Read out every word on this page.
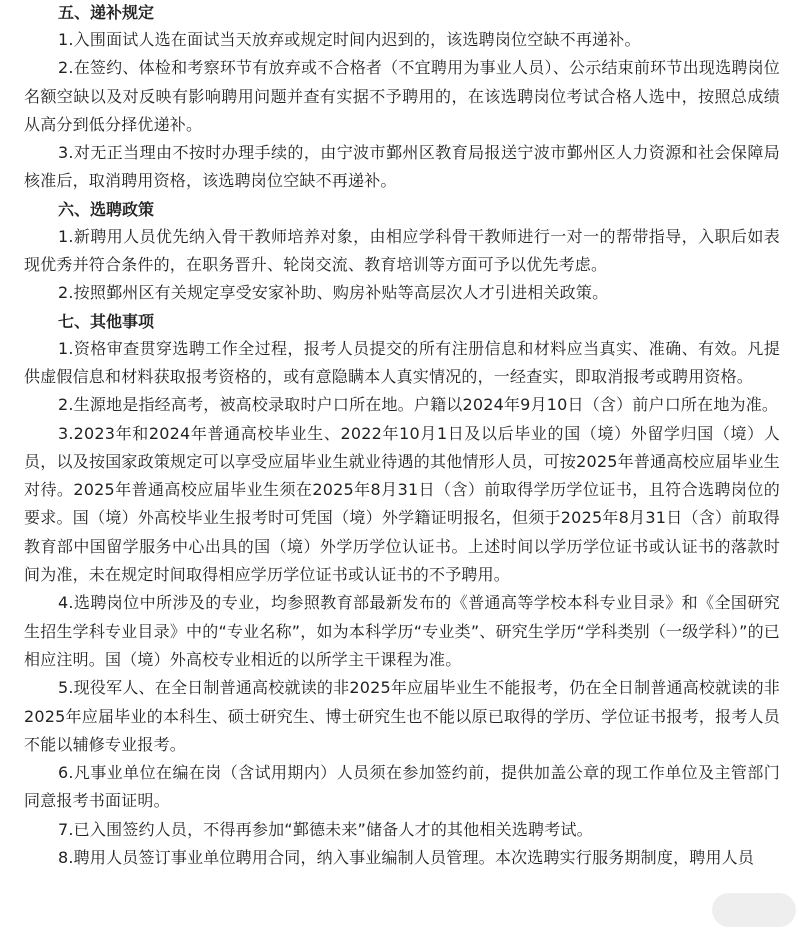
五、递补规定

1.入围面试人选在面试当天放弃或规定时间内迟到的，该选聘岗位空缺不再递补。

2.在签约、体检和考察环节有放弃或不合格者（不宜聘用为事业人员）、公示结束前环节出现选聘岗位名额空缺以及对反映有影响聘用问题并查有实据不予聘用的，在该选聘岗位考试合格人选中，按照总成绩从高分到低分择优递补。

3.对无正当理由不按时办理手续的，由宁波市鄞州区教育局报送宁波市鄞州区人力资源和社会保障局核准后，取消聘用资格，该选聘岗位空缺不再递补。

六、选聘政策

1.新聘用人员优先纳入骨干教师培养对象，由相应学科骨干教师进行一对一的帮带指导，入职后如表现优秀并符合条件的，在职务晋升、轮岗交流、教育培训等方面可予以优先考虑。

2.按照鄞州区有关规定享受安家补助、购房补贴等高层次人才引进相关政策。

七、其他事项

1.资格审查贯穿选聘工作全过程，报考人员提交的所有注册信息和材料应当真实、准确、有效。凡提供虚假信息和材料获取报考资格的，或有意隐瞒本人真实情况的，一经查实，即取消报考或聘用资格。

2.生源地是指经高考，被高校录取时户口所在地。户籍以2024年9月10日（含）前户口所在地为准。

3.2023年和2024年普通高校毕业生、2022年10月1日及以后毕业的国（境）外留学归国（境）人员，以及按国家政策规定可以享受应届毕业生就业待遇的其他情形人员，可按2025年普通高校应届毕业生对待。2025年普通高校应届毕业生须在2025年8月31日（含）前取得学历学位证书，且符合选聘岗位的要求。国（境）外高校毕业生报考时可凭国（境）外学籍证明报名，但须于2025年8月31日（含）前取得教育部中国留学服务中心出具的国（境）外学历学位认证书。上述时间以学历学位证书或认证书的落款时间为准，未在规定时间取得相应学历学位证书或认证书的不予聘用。

4.选聘岗位中所涉及的专业，均参照教育部最新发布的《普通高等学校本科专业目录》和《全国研究生招生学科专业目录》中的“专业名称”，如为本科学历“专业类”、研究生学历“学科类别（一级学科）”的已相应注明。国（境）外高校专业相近的以所学主干课程为准。

5.现役军人、在全日制普通高校就读的非2025年应届毕业生不能报考，仍在全日制普通高校就读的非2025年应届毕业的本科生、硕士研究生、博士研究生也不能以原已取得的学历、学位证书报考，报考人员不能以辅修专业报考。

6.凡事业单位在编在岗（含试用期内）人员须在参加签约前，提供加盖公章的现工作单位及主管部门同意报考书面证明。

7.已入围签约人员，不得再参加“鄞德未来”储备人才的其他相关选聘考试。

8.聘用人员签订事业单位聘用合同，纳入事业编制人员管理。本次选聘实行服务期制度，聘用人员
